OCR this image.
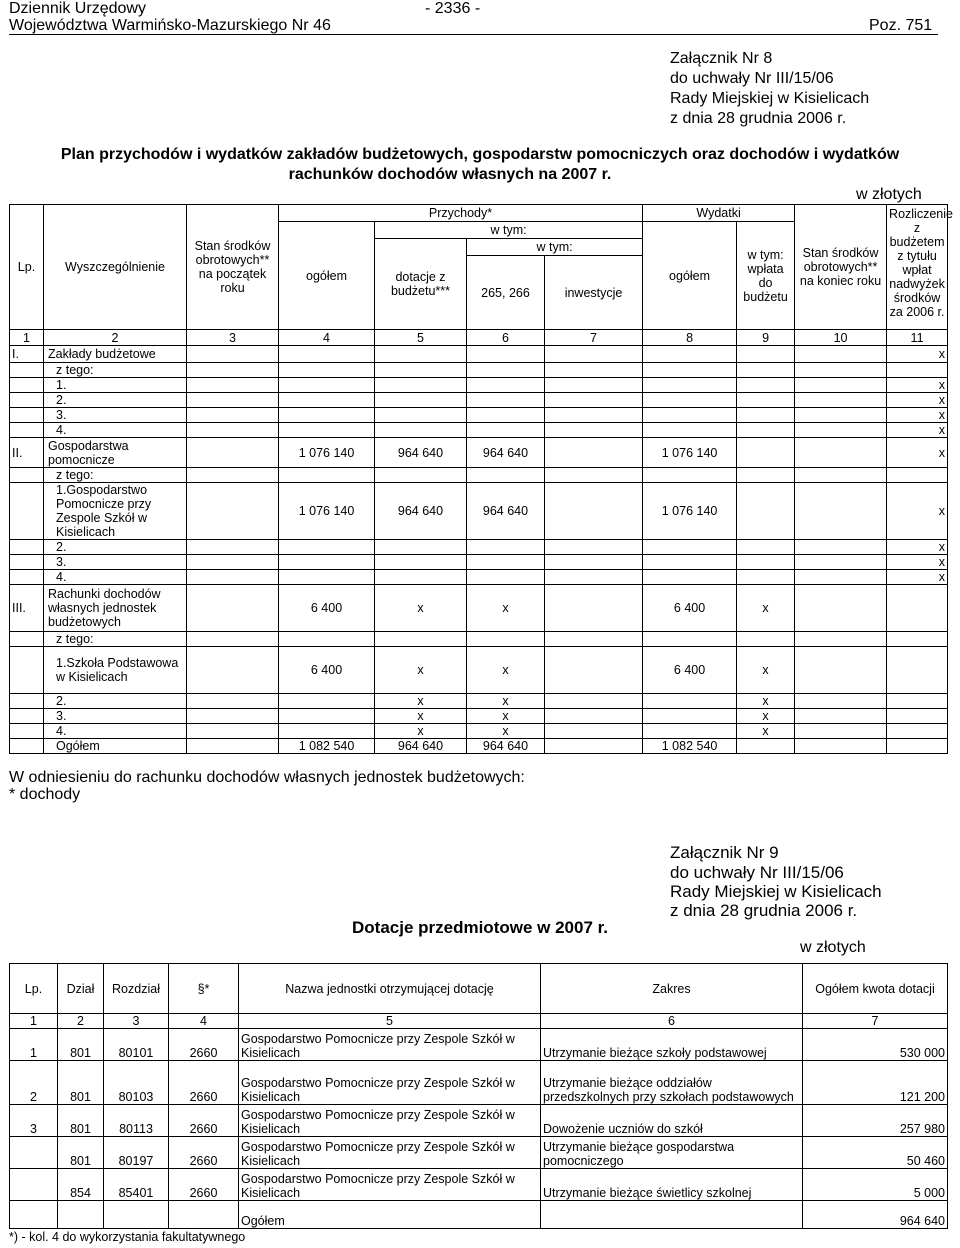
Dziennik Urzędowy
Województwa Warmińsko-Mazurskiego Nr 46
- 2336 -
Poz. 751
Załącznik Nr 8
do uchwały Nr III/15/06
Rady Miejskiej w Kisielicach
z dnia 28 grudnia 2006 r.
Plan przychodów i wydatków zakładów budżetowych, gospodarstw pomocniczych oraz dochodów i wydatków
rachunków dochodów własnych na 2007 r.
w złotych
Lp.	Wyszczególnienie	Stan środków obrotowych** na początek roku	Przychody*				Wydatki		Stan środków obrotowych** na koniec roku	Rozliczenie z budżetem z tytułu wpłat nadwyżek środków za 2006 r.
			ogółem	w tym:			ogółem	w tym: wpłata do budżetu		
				dotacje z budżetu***	w tym:					
					265, 266	inwestycje				
1	2	3	4	5	6	7	8	9	10	11
I.	Zakłady budżetowe									x
	z tego:									
	1.									x
	2.									x
	3.									x
	4.									x
II.	Gospodarstwa pomocnicze		1 076 140	964 640	964 640		1 076 140			x
	z tego:									
	1.Gospodarstwo Pomocnicze przy Zespole Szkół w Kisielicach		1 076 140	964 640	964 640		1 076 140			x
	2.									x
	3.									x
	4.									x
III.	Rachunki dochodów własnych jednostek budżetowych		6 400	x	x		6 400	x		
	z tego:									
	1.Szkoła Podstawowa w Kisielicach		6 400	x	x		6 400	x		
	2.			x	x			x		
	3.			x	x			x		
	4.			x	x			x		
	Ogółem		1 082 540	964 640	964 640		1 082 540			
W odniesieniu do rachunku dochodów własnych jednostek budżetowych:
* dochody
Załącznik Nr 9
do uchwały Nr III/15/06
Rady Miejskiej w Kisielicach
z dnia 28 grudnia 2006 r.
Dotacje przedmiotowe w 2007 r.
w złotych
Lp.	Dział	Rozdział	§*	Nazwa jednostki otrzymującej dotację	Zakres	Ogółem kwota dotacji
1	2	3	4	5	6	7
1	801	80101	2660	Gospodarstwo Pomocnicze przy Zespole Szkół w Kisielicach	Utrzymanie bieżące szkoły podstawowej	530 000
2	801	80103	2660	Gospodarstwo Pomocnicze przy Zespole Szkół w Kisielicach	Utrzymanie bieżące oddziałów przedszkolnych przy szkołach podstawowych	121 200
3	801	80113	2660	Gospodarstwo Pomocnicze przy Zespole Szkół w Kisielicach	Dowożenie uczniów do szkół	257 980
	801	80197	2660	Gospodarstwo Pomocnicze przy Zespole Szkół w Kisielicach	Utrzymanie bieżące gospodarstwa pomocniczego	50 460
	854	85401	2660	Gospodarstwo Pomocnicze przy Zespole Szkół w Kisielicach	Utrzymanie bieżące świetlicy szkolnej	5 000
				Ogółem		964 640
*) - kol. 4 do wykorzystania fakultatywnego
